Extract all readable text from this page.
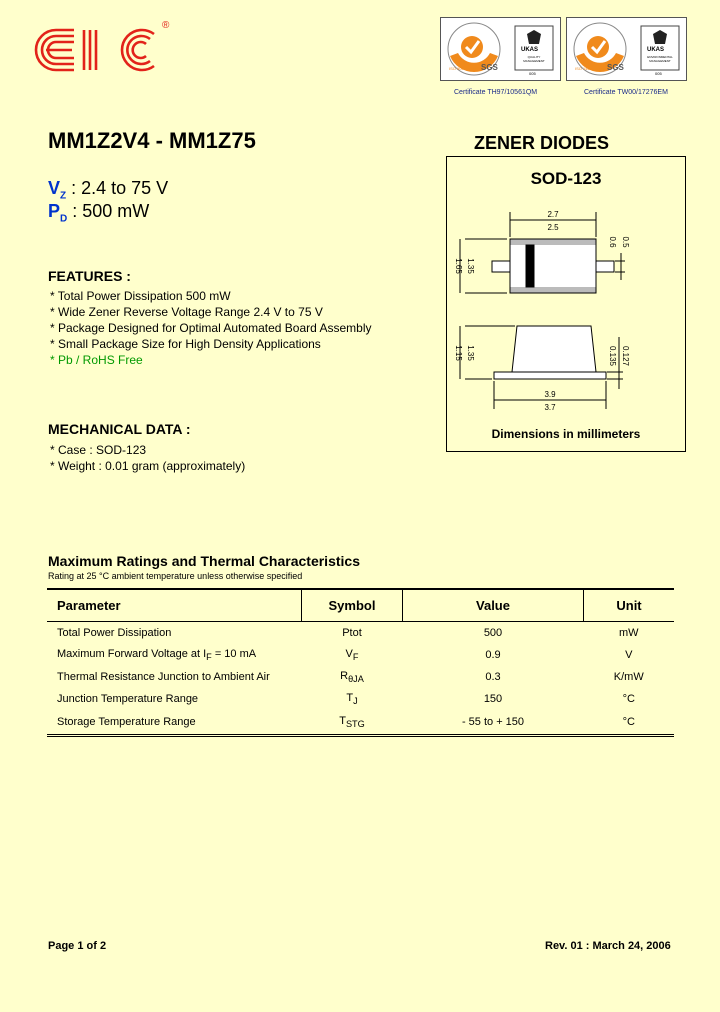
®
SGS
ISO 9001:2000
UKAS
QUALITY MANAGEMENT
005
Certificate TH97/10561QM
SGS
ISO 14001:2004
UKAS
ENVIRONMENTAL MANAGEMENT
005
Certificate TW00/17276EM
MM1Z2V4 - MM1Z75	ZENER DIODES
$V_Z$ : 2.4 to 75 V
$P_D$ : 500 mW
FEATURES :
* Total Power Dissipation 500 mW
* Wide Zener Reverse Voltage Range 2.4 V to 75 V
* Package Designed for Optimal Automated Board Assembly
* Small Package Size for High Density Applications
* Pb / RoHS Free
MECHANICAL DATA :
* Case : SOD-123
* Weight : 0.01 gram (approximately)
SOD-123
2.7
2.5
1.65 1.35
0.6 0.5
1.15 1.35	0.135 0.127
3.9
3.7
Dimensions in millimeters
Maximum Ratings and Thermal Characteristics
Rating at 25 °C ambient temperature unless otherwise specified
Parameter	Symbol	Value	Unit
Total Power Dissipation	Ptot	500	mW
Maximum Forward Voltage at $I_F = 10$ mA	$V_F$	0.9	V
Thermal Resistance Junction to Ambient Air	$R_{\theta JA}$	0.3	K/mW
Junction Temperature Range	$T_J$	150	°C
Storage Temperature Range	$T_{STG}$	- 55 to + 150	°C
Page 1 of 2	Rev. 01 : March 24, 2006
